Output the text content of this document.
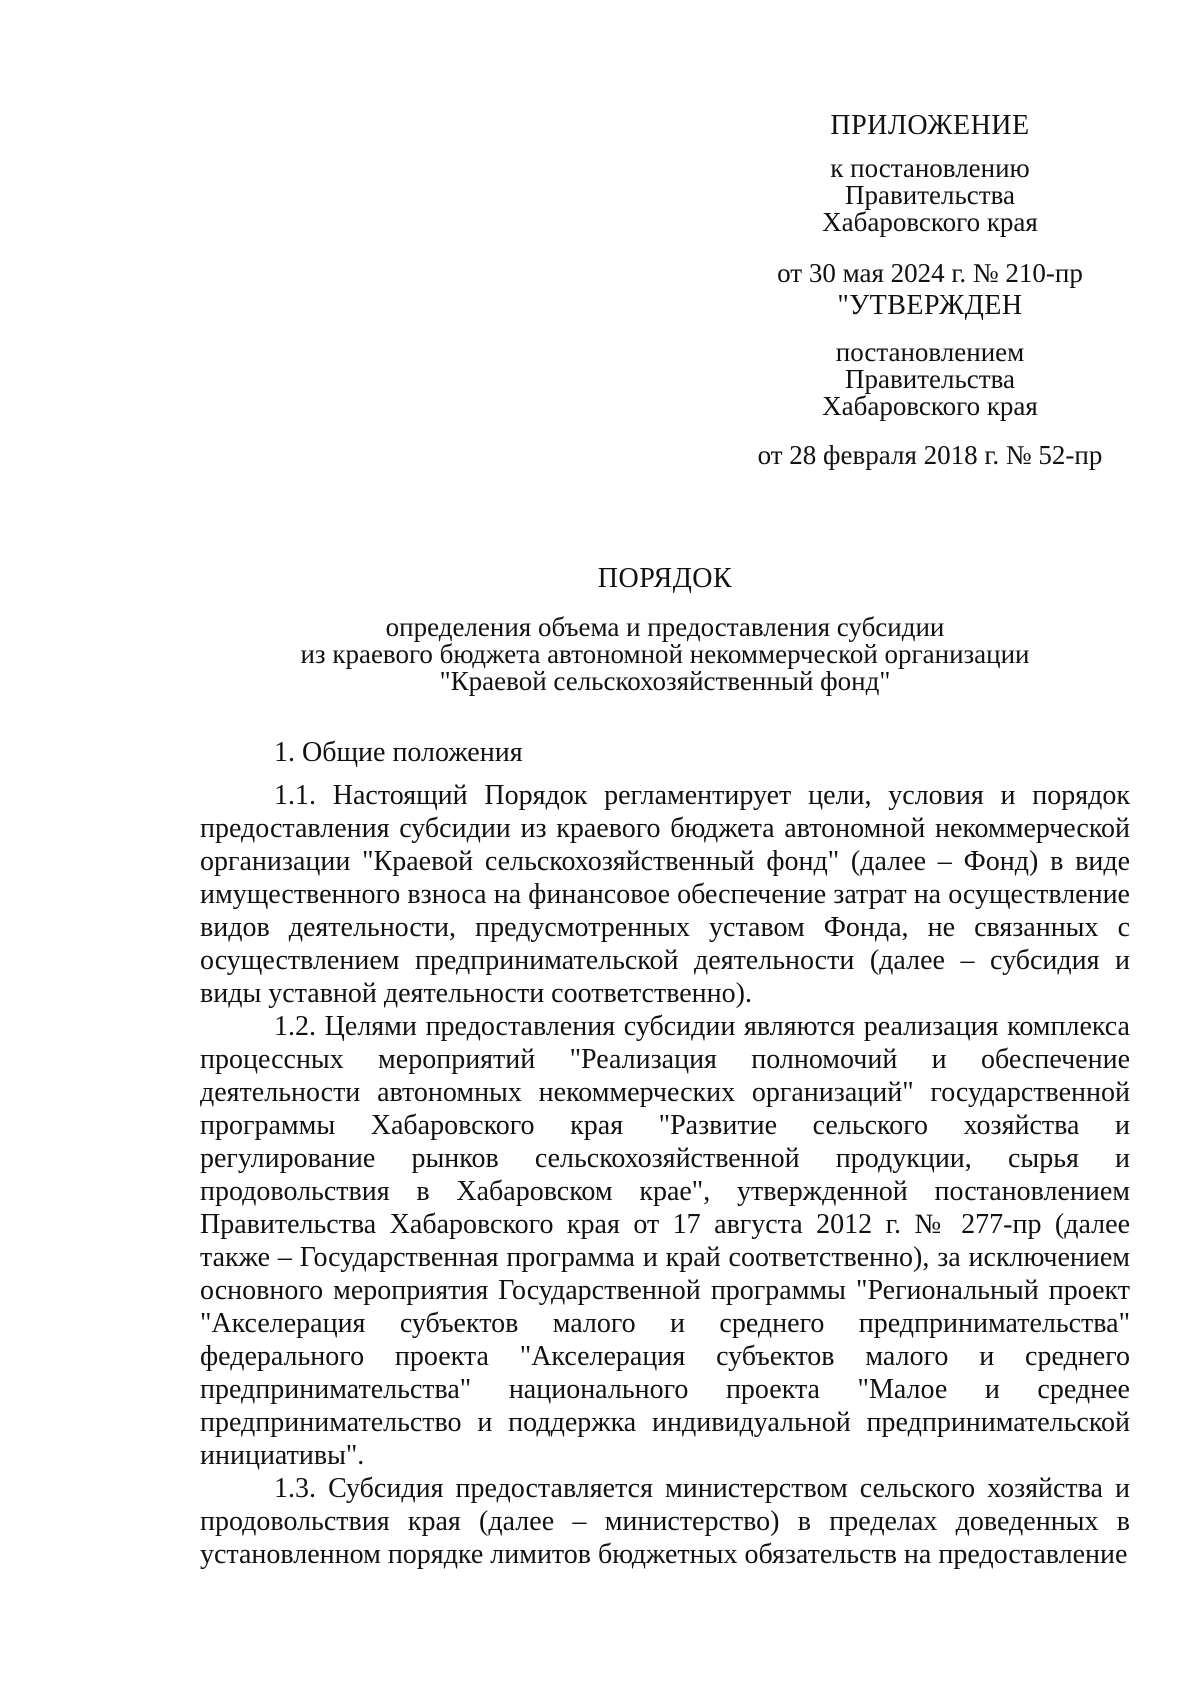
ПРИЛОЖЕНИЕ

к постановлению

Правительства

Хабаровского края

от 30 мая 2024 г. № 210-пр

"УТВЕРЖДЕН

постановлением

Правительства

Хабаровского края

от 28 февраля 2018 г. № 52-пр

ПОРЯДОК

определения объема и предоставления субсидии

из краевого бюджета автономной некоммерческой организации

"Краевой сельскохозяйственный фонд"

1. Общие положения

1.1. Настоящий Порядок регламентирует цели, условия и порядок предоставления субсидии из краевого бюджета автономной некоммерческой организации "Краевой сельскохозяйственный фонд" (далее – Фонд) в виде имущественного взноса на финансовое обеспечение затрат на осуществление видов деятельности, предусмотренных уставом Фонда, не связанных с осуществлением предпринимательской деятельности (далее – субсидия и виды уставной деятельности соответственно).

1.2. Целями предоставления субсидии являются реализация комплекса процессных мероприятий "Реализация полномочий и обеспечение деятельности автономных некоммерческих организаций" государственной программы Хабаровского края "Развитие сельского хозяйства и регулирование рынков сельскохозяйственной продукции, сырья и продовольствия в Хабаровском крае", утвержденной постановлением Правительства Хабаровского края от 17 августа 2012 г. № 277-пр (далее также – Государственная программа и край соответственно), за исключением основного мероприятия Государственной программы "Региональный проект "Акселерация субъектов малого и среднего предпринимательства" федерального проекта "Акселерация субъектов малого и среднего предпринимательства" национального проекта "Малое и среднее предпринимательство и поддержка индивидуальной предпринимательской инициативы".

1.3. Субсидия предоставляется министерством сельского хозяйства и продовольствия края (далее – министерство) в пределах доведенных в установленном порядке лимитов бюджетных обязательств на предоставление
